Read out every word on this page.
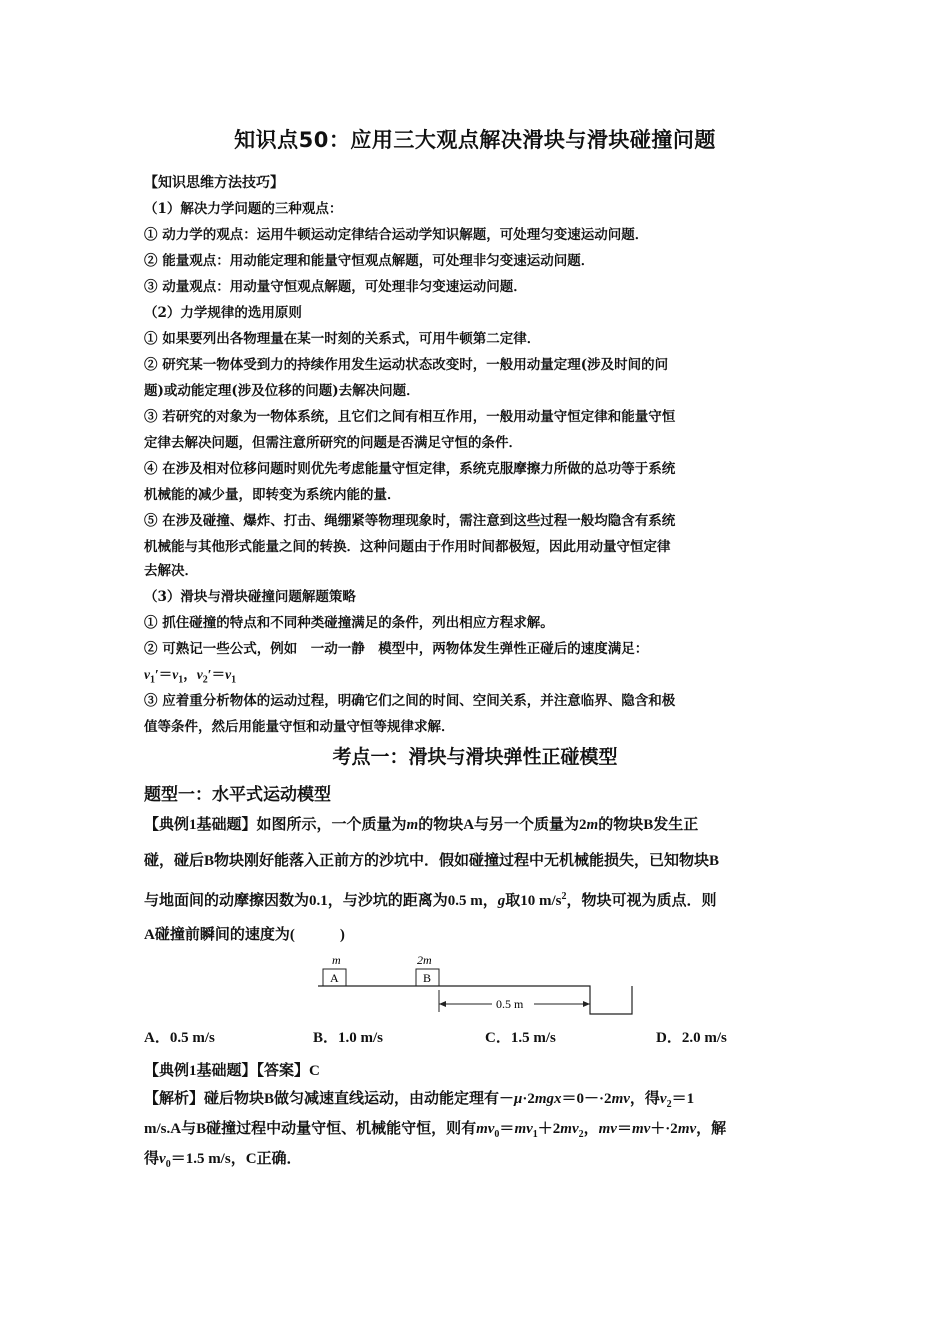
知识点50：应用三大观点解决滑块与滑块碰撞问题
【知识思维方法技巧】
（1）解决力学问题的三种观点：
① 动力学的观点：运用牛顿运动定律结合运动学知识解题，可处理匀变速运动问题．
② 能量观点：用动能定理和能量守恒观点解题，可处理非匀变速运动问题．
③ 动量观点：用动量守恒观点解题，可处理非匀变速运动问题．
（2）力学规律的选用原则
① 如果要列出各物理量在某一时刻的关系式，可用牛顿第二定律．
② 研究某一物体受到力的持续作用发生运动状态改变时，一般用动量定理(涉及时间的问
题)或动能定理(涉及位移的问题)去解决问题．
③ 若研究的对象为一物体系统，且它们之间有相互作用，一般用动量守恒定律和能量守恒
定律去解决问题，但需注意所研究的问题是否满足守恒的条件．
④ 在涉及相对位移问题时则优先考虑能量守恒定律，系统克服摩擦力所做的总功等于系统
机械能的减少量，即转变为系统内能的量．
⑤ 在涉及碰撞、爆炸、打击、绳绷紧等物理现象时，需注意到这些过程一般均隐含有系统
机械能与其他形式能量之间的转换．这种问题由于作用时间都极短，因此用动量守恒定律
去解决．
（3）滑块与滑块碰撞问题解题策略
① 抓住碰撞的特点和不同种类碰撞满足的条件，列出相应方程求解。
② 可熟记一些公式，例如　一动一静　模型中，两物体发生弹性正碰后的速度满足：
$v_1'=v_1$，$v_2'=v_1$
③ 应着重分析物体的运动过程，明确它们之间的时间、空间关系，并注意临界、隐含和极
值等条件，然后用能量守恒和动量守恒等规律求解．
考点一：滑块与滑块弹性正碰模型
题型一：水平式运动模型
【典例1基础题】如图所示，一个质量为m的物块A与另一个质量为2m的物块B发生正
碰，碰后B物块刚好能落入正前方的沙坑中．假如碰撞过程中无机械能损失，已知物块B
与地面间的动摩擦因数为0.1，与沙坑的距离为0.5 m，g取10 $m/s^2$，物块可视为质点．则
A碰撞前瞬间的速度为(　　　)
m
A
2m
B
0.5 m
A．0.5 m/s	B．1.0 m/s	C．1.5 m/s	D．2.0 m/s
【典例1基础题】【答案】C
【解析】碰后物块B做匀减速直线运动，由动能定理有－μ·2mgx＝0－·2mv，得$v_2=1$
m/s.A与B碰撞过程中动量守恒、机械能守恒，则有$mv_0=mv_1+2mv_2$，mv＝mv＋·2mv，解
得$v_0=1.5$ m/s，C正确．
